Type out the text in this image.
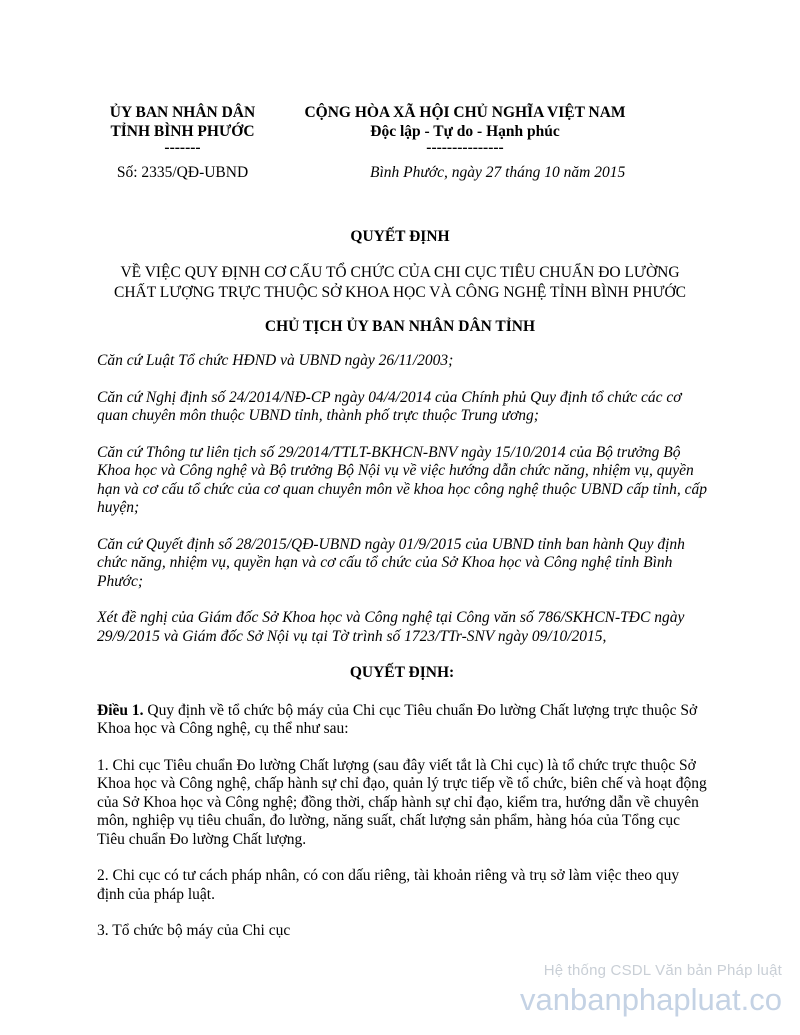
ỦY BAN NHÂN DÂN
TỈNH BÌNH PHƯỚC
-------
CỘNG HÒA XÃ HỘI CHỦ NGHĨA VIỆT NAM
Độc lập - Tự do - Hạnh phúc
---------------
Số: 2335/QĐ-UBND	Bình Phước, ngày 27 tháng 10 năm 2015
QUYẾT ĐỊNH
VỀ VIỆC QUY ĐỊNH CƠ CẤU TỔ CHỨC CỦA CHI CỤC TIÊU CHUẨN ĐO LƯỜNG
CHẤT LƯỢNG TRỰC THUỘC SỞ KHOA HỌC VÀ CÔNG NGHỆ TỈNH BÌNH PHƯỚC
CHỦ TỊCH ỦY BAN NHÂN DÂN TỈNH

Căn cứ Luật Tổ chức HĐND và UBND ngày 26/11/2003;

Căn cứ Nghị định số 24/2014/NĐ-CP ngày 04/4/2014 của Chính phủ Quy định tổ chức các cơ quan chuyên môn thuộc UBND tỉnh, thành phố trực thuộc Trung ương;

Căn cứ Thông tư liên tịch số 29/2014/TTLT-BKHCN-BNV ngày 15/10/2014 của Bộ trưởng Bộ Khoa học và Công nghệ và Bộ trưởng Bộ Nội vụ về việc hướng dẫn chức năng, nhiệm vụ, quyền hạn và cơ cấu tổ chức của cơ quan chuyên môn về khoa học công nghệ thuộc UBND cấp tỉnh, cấp huyện;

Căn cứ Quyết định số 28/2015/QĐ-UBND ngày 01/9/2015 của UBND tỉnh ban hành Quy định chức năng, nhiệm vụ, quyền hạn và cơ cấu tổ chức của Sở Khoa học và Công nghệ tỉnh Bình Phước;

Xét đề nghị của Giám đốc Sở Khoa học và Công nghệ tại Công văn số 786/SKHCN-TĐC ngày 29/9/2015 và Giám đốc Sở Nội vụ tại Tờ trình số 1723/TTr-SNV ngày 09/10/2015,

QUYẾT ĐỊNH:

Điều 1. Quy định về tổ chức bộ máy của Chi cục Tiêu chuẩn Đo lường Chất lượng trực thuộc Sở Khoa học và Công nghệ, cụ thể như sau:

1. Chi cục Tiêu chuẩn Đo lường Chất lượng (sau đây viết tắt là Chi cục) là tổ chức trực thuộc Sở Khoa học và Công nghệ, chấp hành sự chỉ đạo, quản lý trực tiếp về tổ chức, biên chế và hoạt động của Sở Khoa học và Công nghệ; đồng thời, chấp hành sự chỉ đạo, kiểm tra, hướng dẫn về chuyên môn, nghiệp vụ tiêu chuẩn, đo lường, năng suất, chất lượng sản phẩm, hàng hóa của Tổng cục Tiêu chuẩn Đo lường Chất lượng.

2. Chi cục có tư cách pháp nhân, có con dấu riêng, tài khoản riêng và trụ sở làm việc theo quy định của pháp luật.

3. Tổ chức bộ máy của Chi cục

Hệ thống CSDL Văn bản Pháp luật
vanbanphapluat.co
